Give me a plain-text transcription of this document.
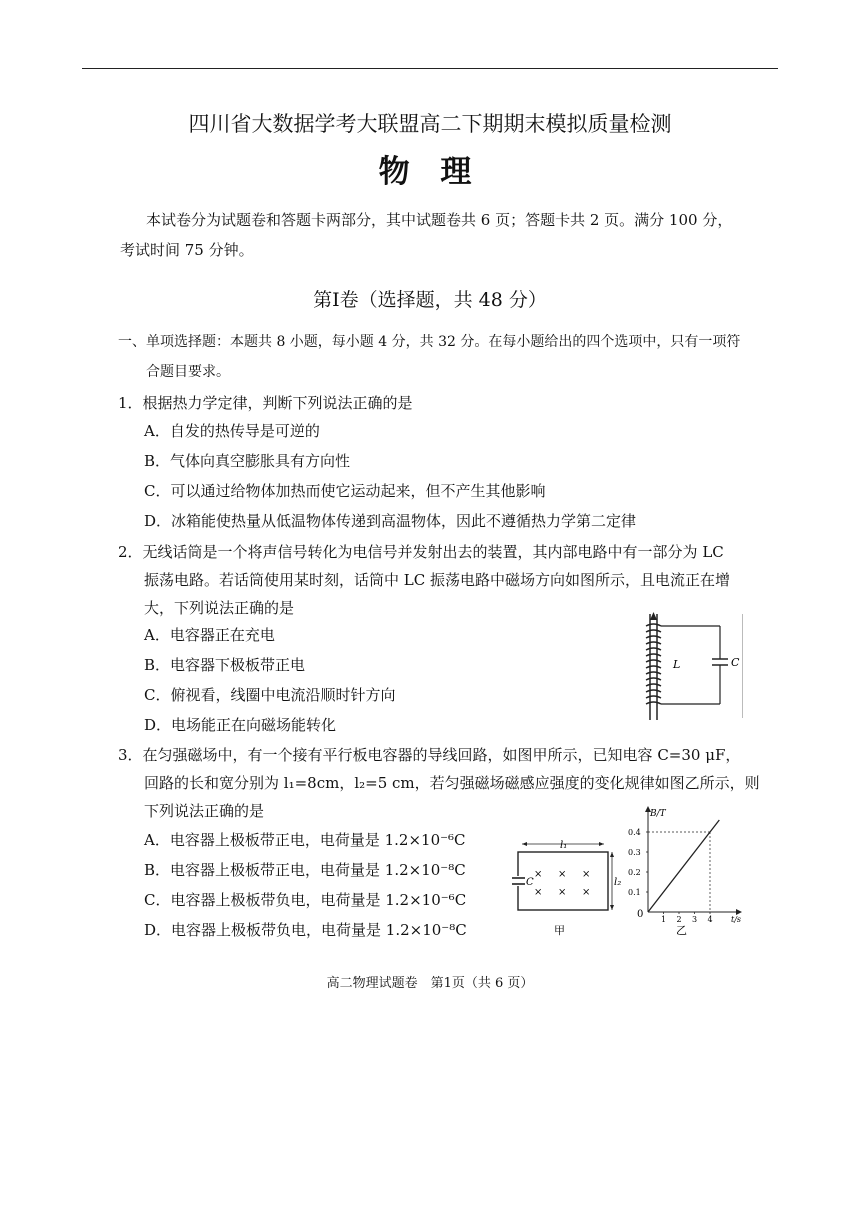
四川省大数据学考大联盟高二下期期末模拟质量检测
物 理
本试卷分为试题卷和答题卡两部分，其中试题卷共 6 页；答题卡共 2 页。满分 100 分，
考试时间 75 分钟。
第Ⅰ卷（选择题，共 48 分）
一、单项选择题：本题共 8 小题，每小题 4 分，共 32 分。在每小题给出的四个选项中，只有一项符
合题目要求。
1．根据热力学定律，判断下列说法正确的是
A．自发的热传导是可逆的
B．气体向真空膨胀具有方向性
C．可以通过给物体加热而使它运动起来，但不产生其他影响
D．冰箱能使热量从低温物体传递到高温物体，因此不遵循热力学第二定律
2．无线话筒是一个将声信号转化为电信号并发射出去的装置，其内部电路中有一部分为 LC
振荡电路。若话筒使用某时刻，话筒中 LC 振荡电路中磁场方向如图所示，且电流正在增
大，下列说法正确的是
A．电容器正在充电
B．电容器下极板带正电
C．俯视看，线圈中电流沿顺时针方向
D．电场能正在向磁场能转化
L	C
3．在匀强磁场中，有一个接有平行板电容器的导线回路，如图甲所示，已知电容 C=30 μF，
回路的长和宽分别为 l₁=8cm，l₂=5 cm，若匀强磁场磁感应强度的变化规律如图乙所示，则
下列说法正确的是
A．电容器上极板带正电，电荷量是 1.2×10⁻⁶C
B．电容器上极板带正电，电荷量是 1.2×10⁻⁸C
C．电容器上极板带负电，电荷量是 1.2×10⁻⁶C
D．电容器上极板带负电，电荷量是 1.2×10⁻⁸C
l₁
C
× × ×
× × ×
l₂
甲
B/T
t/s
0
乙
0.1
0.2
0.3
0.4
1 2 3 4
高二物理试题卷　第1页（共 6 页）
